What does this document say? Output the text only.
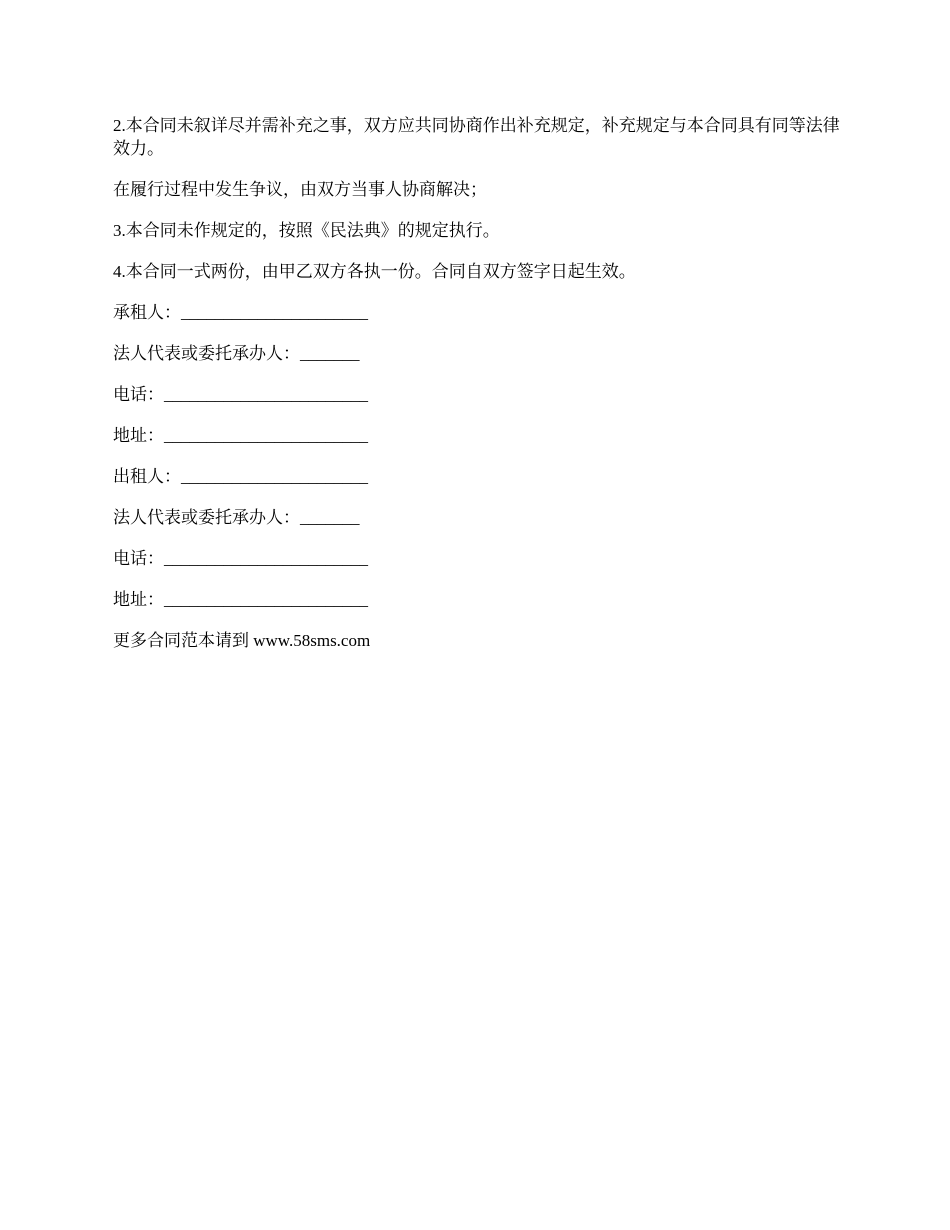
2.本合同未叙详尽并需补充之事，双方应共同协商作出补充规定，补充规定与本合同具有同等法律效力。

在履行过程中发生争议，由双方当事人协商解决；

3.本合同未作规定的，按照《民法典》的规定执行。

4.本合同一式两份，由甲乙双方各执一份。合同自双方签字日起生效。

承租人：______________________
法人代表或委托承办人：_______
电话：________________________
地址：________________________
出租人：______________________
法人代表或委托承办人：_______
电话：________________________
地址：________________________
更多合同范本请到 www.58sms.com
